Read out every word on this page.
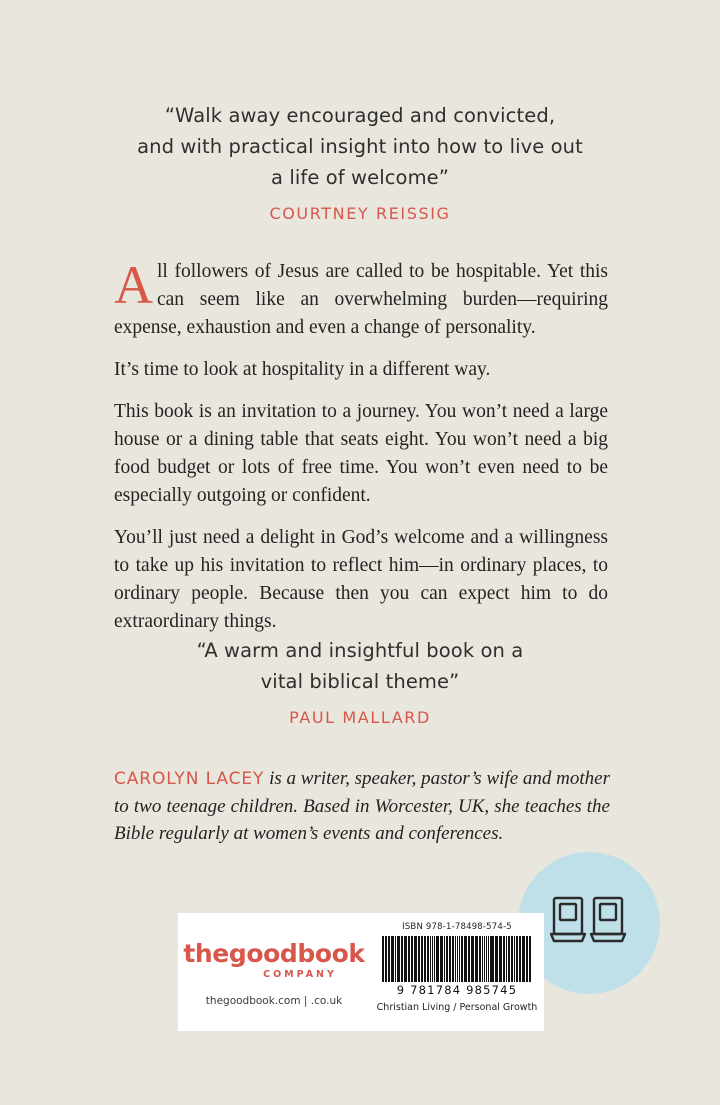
“Walk away encouraged and convicted,
and with practical insight into how to live out
a life of welcome”
COURTNEY REISSIG

All followers of Jesus are called to be hospitable. Yet this can seem like an overwhelming burden—requiring expense, exhaustion and even a change of personality.

It’s time to look at hospitality in a different way.

This book is an invitation to a journey. You won’t need a large house or a dining table that seats eight. You won’t need a big food budget or lots of free time. You won’t even need to be especially outgoing or confident.

You’ll just need a delight in God’s welcome and a willingness to take up his invitation to reflect him—in ordinary places, to ordinary people. Because then you can expect him to do extraordinary things.

“A warm and insightful book on a
vital biblical theme”
PAUL MALLARD
CAROLYN LACEY is a writer, speaker, pastor’s wife and mother to two teenage children. Based in Worcester, UK, she teaches the Bible regularly at women’s events and conferences.
thegoodbook
COMPANY
thegoodbook.com | .co.uk
ISBN 978-1-78498-574-5
9 781784 985745
Christian Living / Personal Growth
